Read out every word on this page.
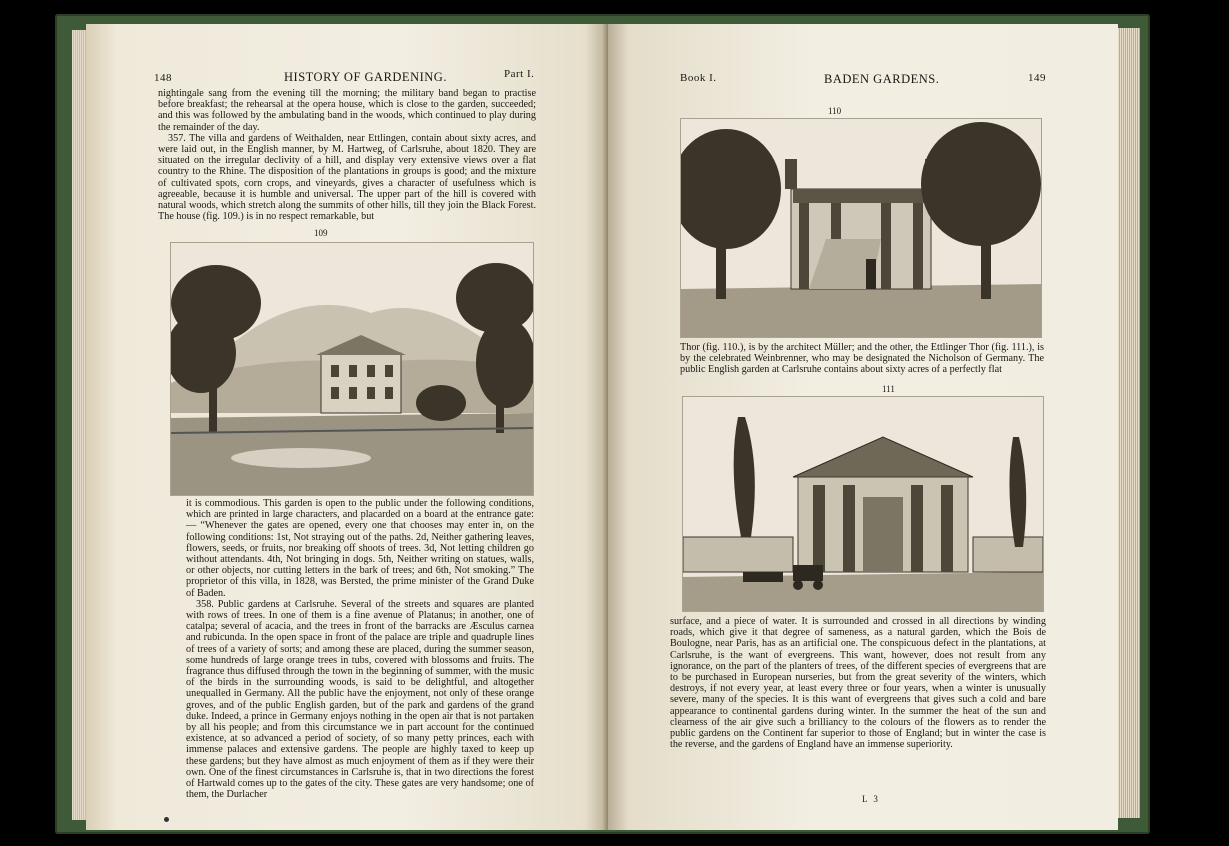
148	HISTORY OF GARDENING.	Part I.

nightingale sang from the evening till the morning; the military band began to practise before breakfast; the rehearsal at the opera house, which is close to the garden, succeeded; and this was followed by the ambulating band in the woods, which continued to play during the remainder of the day.

357. The villa and gardens of Weithalden, near Ettlingen, contain about sixty acres, and were laid out, in the English manner, by M. Hartweg, of Carlsruhe, about 1820. They are situated on the irregular declivity of a hill, and display very extensive views over a flat country to the Rhine. The disposition of the plantations in groups is good; and the mixture of cultivated spots, corn crops, and vineyards, gives a character of usefulness which is agreeable, because it is humble and universal. The upper part of the hill is covered with natural woods, which stretch along the summits of other hills, till they join the Black Forest. The house (fig. 109.) is in no respect remarkable, but

109

it is commodious. This garden is open to the public under the following conditions, which are printed in large characters, and placarded on a board at the entrance gate: — “Whenever the gates are opened, every one that chooses may enter in, on the following conditions: 1st, Not straying out of the paths. 2d, Neither gathering leaves, flowers, seeds, or fruits, nor breaking off shoots of trees. 3d, Not letting children go without attendants. 4th, Not bringing in dogs. 5th, Neither writing on statues, walls, or other objects, nor cutting letters in the bark of trees; and 6th, Not smoking.” The proprietor of this villa, in 1828, was Bersted, the prime minister of the Grand Duke of Baden.

358. Public gardens at Carlsruhe. Several of the streets and squares are planted with rows of trees. In one of them is a fine avenue of Platanus; in another, one of catalpa; several of acacia, and the trees in front of the barracks are Æsculus carnea and rubicunda. In the open space in front of the palace are triple and quadruple lines of trees of a variety of sorts; and among these are placed, during the summer season, some hundreds of large orange trees in tubs, covered with blossoms and fruits. The fragrance thus diffused through the town in the beginning of summer, with the music of the birds in the surrounding woods, is said to be delightful, and altogether unequalled in Germany. All the public have the enjoyment, not only of these orange groves, and of the public English garden, but of the park and gardens of the grand duke. Indeed, a prince in Germany enjoys nothing in the open air that is not partaken by all his people; and from this circumstance we in part account for the continued existence, at so advanced a period of society, of so many petty princes, each with immense palaces and extensive gardens. The people are highly taxed to keep up these gardens; but they have almost as much enjoyment of them as if they were their own. One of the finest circumstances in Carlsruhe is, that in two directions the forest of Hartwald comes up to the gates of the city. These gates are very handsome; one of them, the Durlacher

Book I.	BADEN GARDENS.	149
110

Thor (fig. 110.), is by the architect Müller; and the other, the Ettlinger Thor (fig. 111.), is by the celebrated Weinbrenner, who may be designated the Nicholson of Germany. The public English garden at Carlsruhe contains about sixty acres of a perfectly flat

111

surface, and a piece of water. It is surrounded and crossed in all directions by winding roads, which give it that degree of sameness, as a natural garden, which the Bois de Boulogne, near Paris, has as an artificial one. The conspicuous defect in the plantations, at Carlsruhe, is the want of evergreens. This want, however, does not result from any ignorance, on the part of the planters of trees, of the different species of evergreens that are to be purchased in European nurseries, but from the great severity of the winters, which destroys, if not every year, at least every three or four years, when a winter is unusually severe, many of the species. It is this want of evergreens that gives such a cold and bare appearance to continental gardens during winter. In the summer the heat of the sun and clearness of the air give such a brilliancy to the colours of the flowers as to render the public gardens on the Continent far superior to those of England; but in winter the case is the reverse, and the gardens of England have an immense superiority.

L 3
